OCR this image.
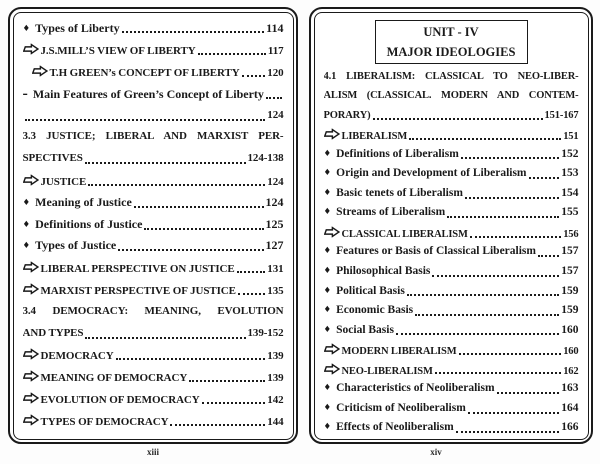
♦ Types of Liberty	114
J.S.MILL’S VIEW OF LIBERTY	117
T.H GREEN’s CONCEPT OF LIBERTY	120
- Main Features of Green’s Concept of Liberty
124
3.3 JUSTICE; LIBERAL AND MARXIST PER-
SPECTIVES	124-138
JUSTICE	124
♦ Meaning of Justice	124
♦ Definitions of Justice	125
♦ Types of Justice	127
LIBERAL PERSPECTIVE ON JUSTICE	131
MARXIST PERSPECTIVE OF JUSTICE	135
3.4 DEMOCRACY: MEANING, EVOLUTION
AND TYPES	139-152
DEMOCRACY	139
MEANING OF DEMOCRACY	139
EVOLUTION OF DEMOCRACY	142
TYPES OF DEMOCRACY	144
UNIT - IV
MAJOR IDEOLOGIES
4.1 LIBERALISM: CLASSICAL TO NEO-LIBER-
ALISM (CLASSICAL. MODERN AND CONTEM-
PORARY)	151-167
LIBERALISM	151
♦ Definitions of Liberalism	152
♦ Origin and Development of Liberalism	153
♦ Basic tenets of Liberalism	154
♦ Streams of Liberalism	155
CLASSICAL LIBERALISM	156
♦ Features or Basis of Classical Liberalism 157
♦ Philosophical Basis	157
♦ Political Basis	159
♦ Economic Basis	159
♦ Social Basis	160
MODERN LIBERALISM	160
NEO-LIBERALISM	162
♦ Characteristics of Neoliberalism	163
♦ Criticism of Neoliberalism	164
♦ Effects of Neoliberalism	166
xiii	xiv
